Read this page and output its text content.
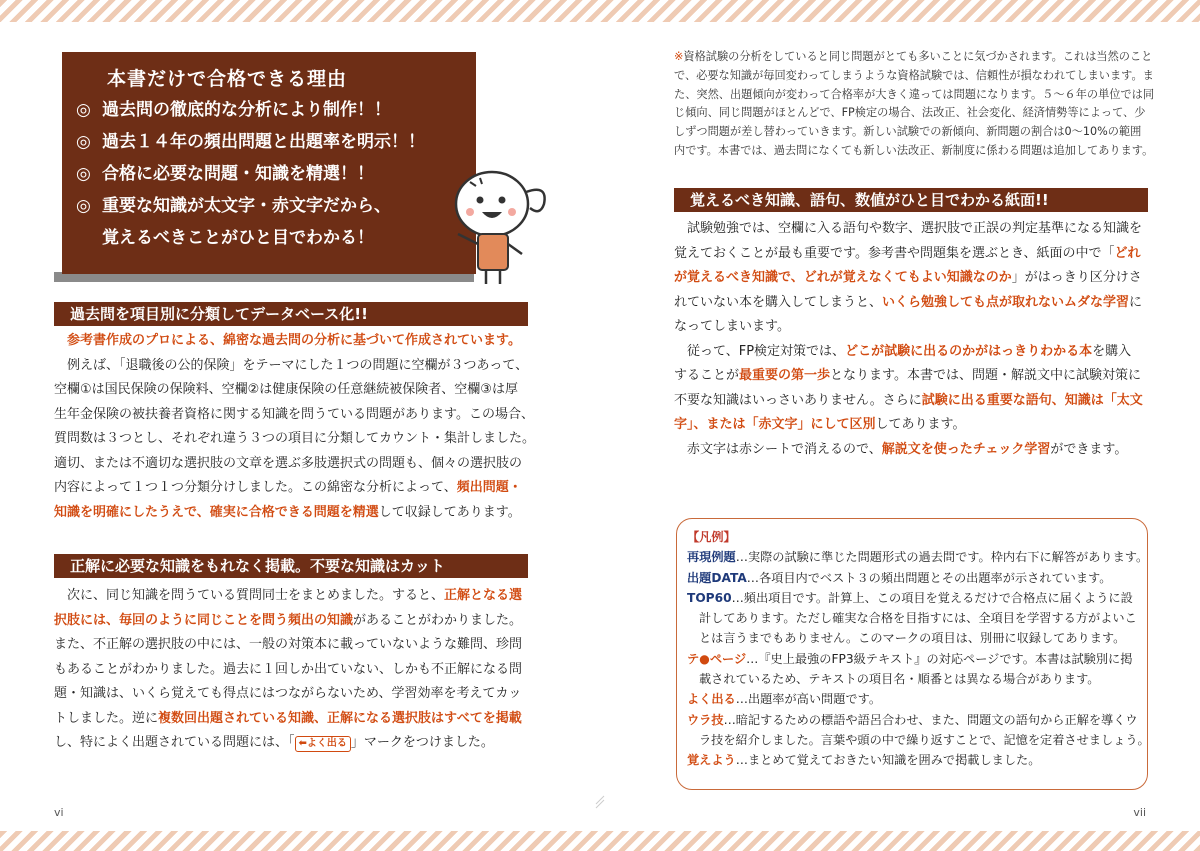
本書だけで合格できる理由
◎ 過去問の徹底的な分析により制作！！
◎ 過去１４年の頻出問題と出題率を明示！！
◎ 合格に必要な問題・知識を精選！！
◎ 重要な知識が太文字・赤文字だから、
覚えるべきことがひと目でわかる！
過去問を項目別に分類してデータベース化!!

参考書作成のプロによる、綿密な過去問の分析に基づいて作成されています。

例えば、「退職後の公的保険」をテーマにした１つの問題に空欄が３つあって、

空欄①は国民保険の保険料、空欄②は健康保険の任意継続被保険者、空欄③は厚

生年金保険の被扶養者資格に関する知識を問うている問題があります。この場合、

質問数は３つとし、それぞれ違う３つの項目に分類してカウント・集計しました。

適切、または不適切な選択肢の文章を選ぶ多肢選択式の問題も、個々の選択肢の

内容によって１つ１つ分類分けしました。この綿密な分析によって、頻出問題・

知識を明確にしたうえで、確実に合格できる問題を精選して収録してあります。

正解に必要な知識をもれなく掲載。不要な知識はカット

次に、同じ知識を問うている質問同士をまとめました。すると、正解となる選

択肢には、毎回のように同じことを問う頻出の知識があることがわかりました。

また、不正解の選択肢の中には、一般の対策本に載っていないような難問、珍問

もあることがわかりました。過去に１回しか出ていない、しかも不正解になる問

題・知識は、いくら覚えても得点にはつながらないため、学習効率を考えてカッ

トしました。逆に複数回出題されている知識、正解になる選択肢はすべてを掲載

し、特によく出題されている問題には、「 ⬅よく出る 」マークをつけました。

vi

※資格試験の分析をしていると同じ問題がとても多いことに気づかされます。これは当然のこと

で、必要な知識が毎回変わってしまうような資格試験では、信頼性が損なわれてしまいます。ま

た、突然、出題傾向が変わって合格率が大きく違っては問題になります。５～６年の単位では同

じ傾向、同じ問題がほとんどで、FP検定の場合、法改正、社会変化、経済情勢等によって、少

しずつ問題が差し替わっていきます。新しい試験での新傾向、新問題の割合は0～10%の範囲

内です。本書では、過去問になくても新しい法改正、新制度に係わる問題は追加してあります。

覚えるべき知識、語句、数値がひと目でわかる紙面!!

試験勉強では、空欄に入る語句や数字、選択肢で正誤の判定基準になる知識を

覚えておくことが最も重要です。参考書や問題集を選ぶとき、紙面の中で「どれ

が覚えるべき知識で、どれが覚えなくてもよい知識なのか」がはっきり区分けさ

れていない本を購入してしまうと、いくら勉強しても点が取れないムダな学習に

なってしまいます。

従って、FP検定対策では、どこが試験に出るのかがはっきりわかる本を購入

することが最重要の第一歩となります。本書では、問題・解説文中に試験対策に

不要な知識はいっさいありません。さらに試験に出る重要な語句、知識は「太文

字」、または「赤文字」にして区別してあります。

赤文字は赤シートで消えるので、解説文を使ったチェック学習ができます。

【凡例】

再現例題…実際の試験に準じた問題形式の過去問です。枠内右下に解答があります。

出題DATA…各項目内でベスト３の頻出問題とその出題率が示されています。

TOP60…頻出項目です。計算上、この項目を覚えるだけで合格点に届くように設

計してあります。ただし確実な合格を目指すには、全項目を学習する方がよいこ

とは言うまでもありません。このマークの項目は、別冊に収録してあります。

テ●ページ…『史上最強のFP3級テキスト』の対応ページです。本書は試験別に掲

載されているため、テキストの項目名・順番とは異なる場合があります。

よく出る…出題率が高い問題です。

ウラ技…暗記するための標語や語呂合わせ、また、問題文の語句から正解を導くウ

ラ技を紹介しました。言葉や頭の中で繰り返すことで、記憶を定着させましょう。

覚えよう…まとめて覚えておきたい知識を囲みで掲載しました。

vii
